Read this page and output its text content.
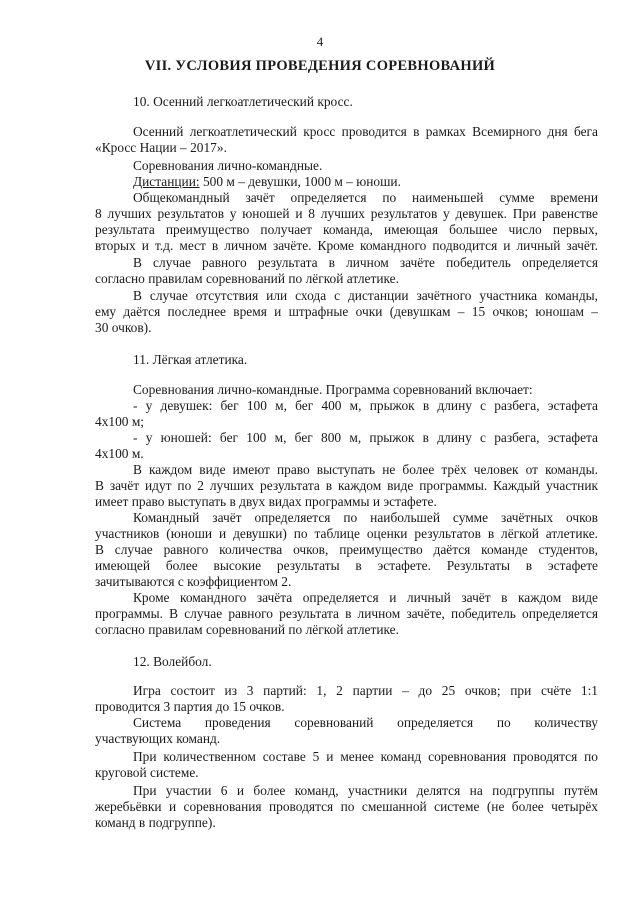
4
VII. УСЛОВИЯ ПРОВЕДЕНИЯ СОРЕВНОВАНИЙ
10. Осенний легкоатлетический кросс.
Осенний легкоатлетический кросс проводится в рамках Всемирного дня бега
«Кросс Нации – 2017».
Соревнования лично-командные.
Дистанции: 500 м – девушки, 1000 м – юноши.
Общекомандный зачёт определяется по наименьшей сумме времени
8 лучших результатов у юношей и 8 лучших результатов у девушек. При равенстве
результата преимущество получает команда, имеющая большее число первых,
вторых и т.д. мест в личном зачёте. Кроме командного подводится и личный зачёт.
В случае равного результата в личном зачёте победитель определяется
согласно правилам соревнований по лёгкой атлетике.
В случае отсутствия или схода с дистанции зачётного участника команды,
ему даётся последнее время и штрафные очки (девушкам – 15 очков; юношам –
30 очков).
11. Лёгкая атлетика.
Соревнования лично-командные. Программа соревнований включает:
- у девушек: бег 100 м, бег 400 м, прыжок в длину с разбега, эстафета
4х100 м;
- у юношей: бег 100 м, бег 800 м, прыжок в длину с разбега, эстафета
4х100 м.
В каждом виде имеют право выступать не более трёх человек от команды.
В зачёт идут по 2 лучших результата в каждом виде программы. Каждый участник
имеет право выступать в двух видах программы и эстафете.
Командный зачёт определяется по наибольшей сумме зачётных очков
участников (юноши и девушки) по таблице оценки результатов в лёгкой атлетике.
В случае равного количества очков, преимущество даётся команде студентов,
имеющей более высокие результаты в эстафете. Результаты в эстафете
зачитываются с коэффициентом 2.
Кроме командного зачёта определяется и личный зачёт в каждом виде
программы. В случае равного результата в личном зачёте, победитель определяется
согласно правилам соревнований по лёгкой атлетике.
12. Волейбол.
Игра состоит из 3 партий: 1, 2 партии – до 25 очков; при счёте 1:1
проводится 3 партия до 15 очков.
Система проведения соревнований определяется по количеству
участвующих команд.
При количественном составе 5 и менее команд соревнования проводятся по
круговой системе.
При участии 6 и более команд, участники делятся на подгруппы путём
жеребьёвки и соревнования проводятся по смешанной системе (не более четырёх
команд в подгруппе).
